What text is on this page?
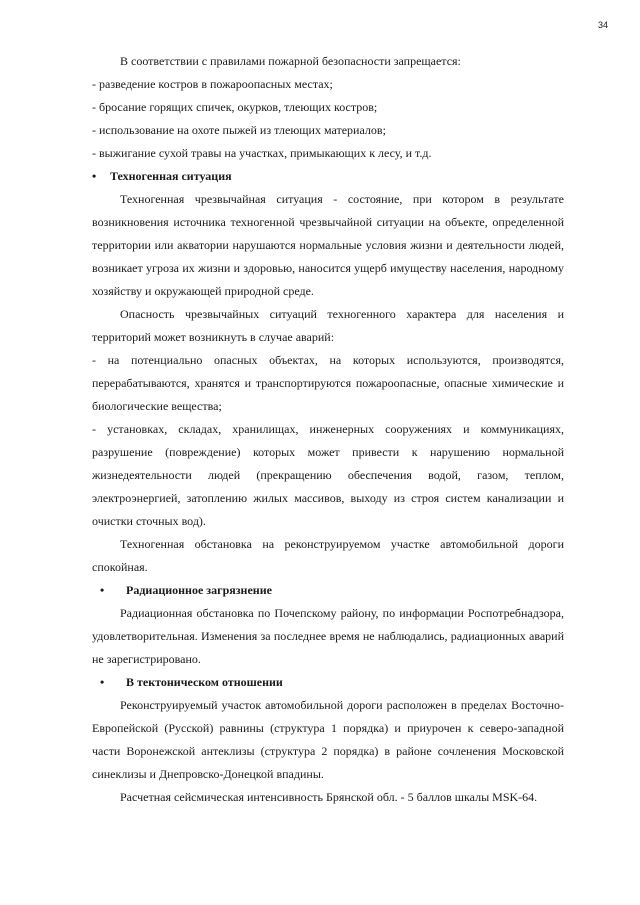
34

В соответствии с правилами пожарной безопасности запрещается:

- разведение костров в пожароопасных местах;

- бросание горящих спичек, окурков, тлеющих костров;

- использование на охоте пыжей из тлеющих материалов;

- выжигание сухой травы на участках, примыкающих к лесу, и т.д.

•	Техногенная ситуация

Техногенная чрезвычайная ситуация - состояние, при котором в результате возникновения источника техногенной чрезвычайной ситуации на объекте, определенной территории или акватории нарушаются нормальные условия жизни и деятельности людей, возникает угроза их жизни и здоровью, наносится ущерб имуществу населения, народному хозяйству и окружающей природной среде.

Опасность чрезвычайных ситуаций техногенного характера для населения и территорий может возникнуть в случае аварий:

- на потенциально опасных объектах, на которых используются, производятся, перерабатываются, хранятся и транспортируются пожароопасные, опасные химические и биологические вещества;

- установках, складах, хранилищах, инженерных сооружениях и коммуникациях, разрушение (повреждение) которых может привести к нарушению нормальной жизнедеятельности людей (прекращению обеспечения водой, газом, теплом, электроэнергией, затоплению жилых массивов, выходу из строя систем канализации и очистки сточных вод).

Техногенная обстановка на реконструируемом участке автомобильной дороги спокойная.

•	Радиационное загрязнение

Радиационная обстановка по Почепскому району, по информации Роспотребнадзора, удовлетворительная. Изменения за последнее время не наблюдались, радиационных аварий не зарегистрировано.

•	В тектоническом отношении

Реконструируемый участок автомобильной дороги расположен в пределах Восточно-Европейской (Русской) равнины (структура 1 порядка) и приурочен к северо-западной части Воронежской антеклизы (структура 2 порядка) в районе сочленения Московской синеклизы и Днепровско-Донецкой впадины.

Расчетная сейсмическая интенсивность Брянской обл. - 5 баллов шкалы MSK-64.
